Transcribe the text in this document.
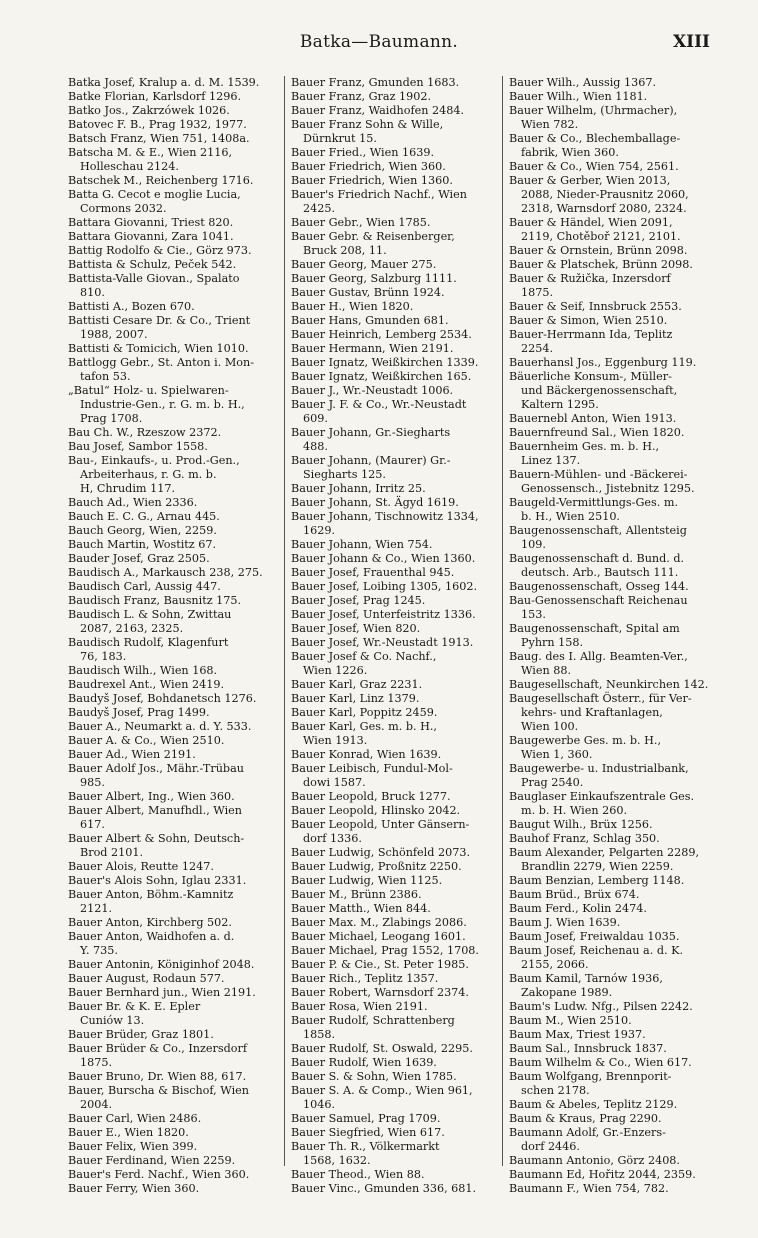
Batka—Baumann.	XIII
Batka Josef, Kralup a. d. M. 1539.
Batke Florian, Karlsdorf 1296.
Batko Jos., Zakrzówek 1026.
Batovec F. B., Prag 1932, 1977.
Batsch Franz, Wien 751, 1408a.
Batscha M. & E., Wien 2116,
Holleschau 2124.
Batschek M., Reichenberg 1716.
Batta G. Cecot e moglie Lucia,
Cormons 2032.
Battara Giovanni, Triest 820.
Battara Giovanni, Zara 1041.
Battig Rodolfo & Cie., Görz 973.
Battista & Schulz, Peček 542.
Battista-Valle Giovan., Spalato
810.
Battisti A., Bozen 670.
Battisti Cesare Dr. & Co., Trient
1988, 2007.
Battisti & Tomicich, Wien 1010.
Battlogg Gebr., St. Anton i. Mon-
tafon 53.
„Batul“ Holz- u. Spielwaren-
Industrie-Gen., r. G. m. b. H.,
Prag 1708.
Bau Ch. W., Rzeszow 2372.
Bau Josef, Sambor 1558.
Bau-, Einkaufs-, u. Prod.-Gen.,
Arbeiterhaus, r. G. m. b.
H, Chrudim 117.
Bauch Ad., Wien 2336.
Bauch E. C. G., Arnau 445.
Bauch Georg, Wien, 2259.
Bauch Martin, Wostitz 67.
Bauder Josef, Graz 2505.
Baudisch A., Markausch 238, 275.
Baudisch Carl, Aussig 447.
Baudisch Franz, Bausnitz 175.
Baudisch L. & Sohn, Zwittau
2087, 2163, 2325.
Baudisch Rudolf, Klagenfurt
76, 183.
Baudisch Wilh., Wien 168.
Baudrexel Ant., Wien 2419.
Baudyš Josef, Bohdanetsch 1276.
Baudyš Josef, Prag 1499.
Bauer A., Neumarkt a. d. Y. 533.
Bauer A. & Co., Wien 2510.
Bauer Ad., Wien 2191.
Bauer Adolf Jos., Mähr.-Trübau
985.
Bauer Albert, Ing., Wien 360.
Bauer Albert, Manufhdl., Wien
617.
Bauer Albert & Sohn, Deutsch-
Brod 2101.
Bauer Alois, Reutte 1247.
Bauer's Alois Sohn, Iglau 2331.
Bauer Anton, Böhm.-Kamnitz
2121.
Bauer Anton, Kirchberg 502.
Bauer Anton, Waidhofen a. d.
Y. 735.
Bauer Antonin, Königinhof 2048.
Bauer August, Rodaun 577.
Bauer Bernhard jun., Wien 2191.
Bauer Br. & K. E. Epler
Cuniów 13.
Bauer Brüder, Graz 1801.
Bauer Brüder & Co., Inzersdorf
1875.
Bauer Bruno, Dr. Wien 88, 617.
Bauer, Burscha & Bischof, Wien
2004.
Bauer Carl, Wien 2486.
Bauer E., Wien 1820.
Bauer Felix, Wien 399.
Bauer Ferdinand, Wien 2259.
Bauer's Ferd. Nachf., Wien 360.
Bauer Ferry, Wien 360.
Bauer Franz, Gmunden 1683.
Bauer Franz, Graz 1902.
Bauer Franz, Waidhofen 2484.
Bauer Franz Sohn & Wille,
Dürnkrut 15.
Bauer Fried., Wien 1639.
Bauer Friedrich, Wien 360.
Bauer Friedrich, Wien 1360.
Bauer's Friedrich Nachf., Wien
2425.
Bauer Gebr., Wien 1785.
Bauer Gebr. & Reisenberger,
Bruck 208, 11.
Bauer Georg, Mauer 275.
Bauer Georg, Salzburg 1111.
Bauer Gustav, Brünn 1924.
Bauer H., Wien 1820.
Bauer Hans, Gmunden 681.
Bauer Heinrich, Lemberg 2534.
Bauer Hermann, Wien 2191.
Bauer Ignatz, Weißkirchen 1339.
Bauer Ignatz, Weißkirchen 165.
Bauer J., Wr.-Neustadt 1006.
Bauer J. F. & Co., Wr.-Neustadt
609.
Bauer Johann, Gr.-Siegharts
488.
Bauer Johann, (Maurer) Gr.-
Siegharts 125.
Bauer Johann, Irritz 25.
Bauer Johann, St. Ägyd 1619.
Bauer Johann, Tischnowitz 1334,
1629.
Bauer Johann, Wien 754.
Bauer Johann & Co., Wien 1360.
Bauer Josef, Frauenthal 945.
Bauer Josef, Loibing 1305, 1602.
Bauer Josef, Prag 1245.
Bauer Josef, Unterfeistritz 1336.
Bauer Josef, Wien 820.
Bauer Josef, Wr.-Neustadt 1913.
Bauer Josef & Co. Nachf.,
Wien 1226.
Bauer Karl, Graz 2231.
Bauer Karl, Linz 1379.
Bauer Karl, Poppitz 2459.
Bauer Karl, Ges. m. b. H.,
Wien 1913.
Bauer Konrad, Wien 1639.
Bauer Leibisch, Fundul-Mol-
dowi 1587.
Bauer Leopold, Bruck 1277.
Bauer Leopold, Hlinsko 2042.
Bauer Leopold, Unter Gänsern-
dorf 1336.
Bauer Ludwig, Schönfeld 2073.
Bauer Ludwig, Proßnitz 2250.
Bauer Ludwig, Wien 1125.
Bauer M., Brünn 2386.
Bauer Matth., Wien 844.
Bauer Max. M., Zlabings 2086.
Bauer Michael, Leogang 1601.
Bauer Michael, Prag 1552, 1708.
Bauer P. & Cie., St. Peter 1985.
Bauer Rich., Teplitz 1357.
Bauer Robert, Warnsdorf 2374.
Bauer Rosa, Wien 2191.
Bauer Rudolf, Schrattenberg
1858.
Bauer Rudolf, St. Oswald, 2295.
Bauer Rudolf, Wien 1639.
Bauer S. & Sohn, Wien 1785.
Bauer S. A. & Comp., Wien 961,
1046.
Bauer Samuel, Prag 1709.
Bauer Siegfried, Wien 617.
Bauer Th. R., Völkermarkt
1568, 1632.
Bauer Theod., Wien 88.
Bauer Vinc., Gmunden 336, 681.
Bauer Wilh., Aussig 1367.
Bauer Wilh., Wien 1181.
Bauer Wilhelm, (Uhrmacher),
Wien 782.
Bauer & Co., Blechemballage-
fabrik, Wien 360.
Bauer & Co., Wien 754, 2561.
Bauer & Gerber, Wien 2013,
2088, Nieder-Prausnitz 2060,
2318, Warnsdorf 2080, 2324.
Bauer & Händel, Wien 2091,
2119, Chotěboř 2121, 2101.
Bauer & Ornstein, Brünn 2098.
Bauer & Platschek, Brünn 2098.
Bauer & Ružička, Inzersdorf
1875.
Bauer & Seif, Innsbruck 2553.
Bauer & Simon, Wien 2510.
Bauer-Herrmann Ida, Teplitz
2254.
Bauerhansl Jos., Eggenburg 119.
Bäuerliche Konsum-, Müller-
und Bäckergenossenschaft,
Kaltern 1295.
Bauernebl Anton, Wien 1913.
Bauernfreund Sal., Wien 1820.
Bauernheim Ges. m. b. H.,
Linez 137.
Bauern-Mühlen- und -Bäckerei-
Genossensch., Jistebnitz 1295.
Baugeld-Vermittlungs-Ges. m.
b. H., Wien 2510.
Baugenossenschaft, Allentsteig
109.
Baugenossenschaft d. Bund. d.
deutsch. Arb., Bautsch 111.
Baugenossenschaft, Osseg 144.
Bau-Genossenschaft Reichenau
153.
Baugenossenschaft, Spital am
Pyhrn 158.
Baug. des I. Allg. Beamten-Ver.,
Wien 88.
Baugesellschaft, Neunkirchen 142.
Baugesellschaft Österr., für Ver-
kehrs- und Kraftanlagen,
Wien 100.
Baugewerbe Ges. m. b. H.,
Wien 1, 360.
Baugewerbe- u. Industrialbank,
Prag 2540.
Bauglaser Einkaufszentrale Ges.
m. b. H. Wien 260.
Baugut Wilh., Brüx 1256.
Bauhof Franz, Schlag 350.
Baum Alexander, Pelgarten 2289,
Brandlin 2279, Wien 2259.
Baum Benzian, Lemberg 1148.
Baum Brüd., Brüx 674.
Baum Ferd., Kolin 2474.
Baum J. Wien 1639.
Baum Josef, Freiwaldau 1035.
Baum Josef, Reichenau a. d. K.
2155, 2066.
Baum Kamil, Tarnów 1936,
Zakopane 1989.
Baum's Ludw. Nfg., Pilsen 2242.
Baum M., Wien 2510.
Baum Max, Triest 1937.
Baum Sal., Innsbruck 1837.
Baum Wilhelm & Co., Wien 617.
Baum Wolfgang, Brennporit-
schen 2178.
Baum & Abeles, Teplitz 2129.
Baum & Kraus, Prag 2290.
Baumann Adolf, Gr.-Enzers-
dorf 2446.
Baumann Antonio, Görz 2408.
Baumann Ed, Hořitz 2044, 2359.
Baumann F., Wien 754, 782.
